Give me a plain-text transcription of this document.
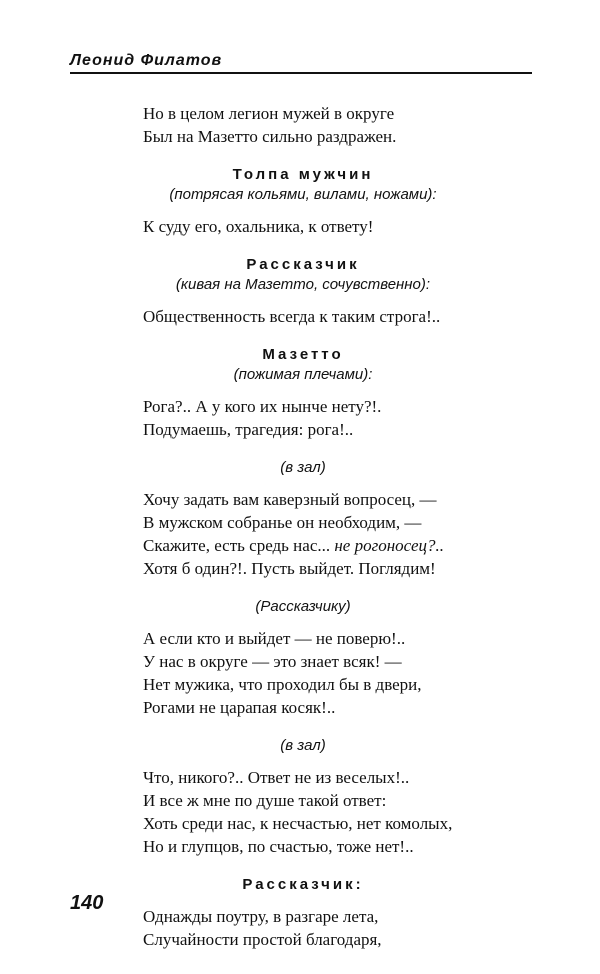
Леонид Филатов
Но в целом легион мужей в округе
Был на Мазетто сильно раздражен.
Толпа мужчин
(потрясая кольями, вилами, ножами):
К суду его, охальника, к ответу!
Рассказчик
(кивая на Мазетто, сочувственно):
Общественность всегда к таким строга!..
Мазетто
(пожимая плечами):
Рога?.. А у кого их нынче нету?!.
Подумаешь, трагедия: рога!..
(в зал)
Хочу задать вам каверзный вопросец, —
В мужском собранье он необходим, —
Скажите, есть средь нас... не рогоносец?..
Хотя б один?!. Пусть выйдет. Поглядим!
(Рассказчику)
А если кто и выйдет — не поверю!..
У нас в округе — это знает всяк! —
Нет мужика, что проходил бы в двери,
Рогами не царапая косяк!..
(в зал)
Что, никого?.. Ответ не из веселых!..
И все ж мне по душе такой ответ:
Хоть среди нас, к несчастью, нет комолых,
Но и глупцов, по счастью, тоже нет!..
Рассказчик:
Однажды поутру, в разгаре лета,
Случайности простой благодаря,
140
